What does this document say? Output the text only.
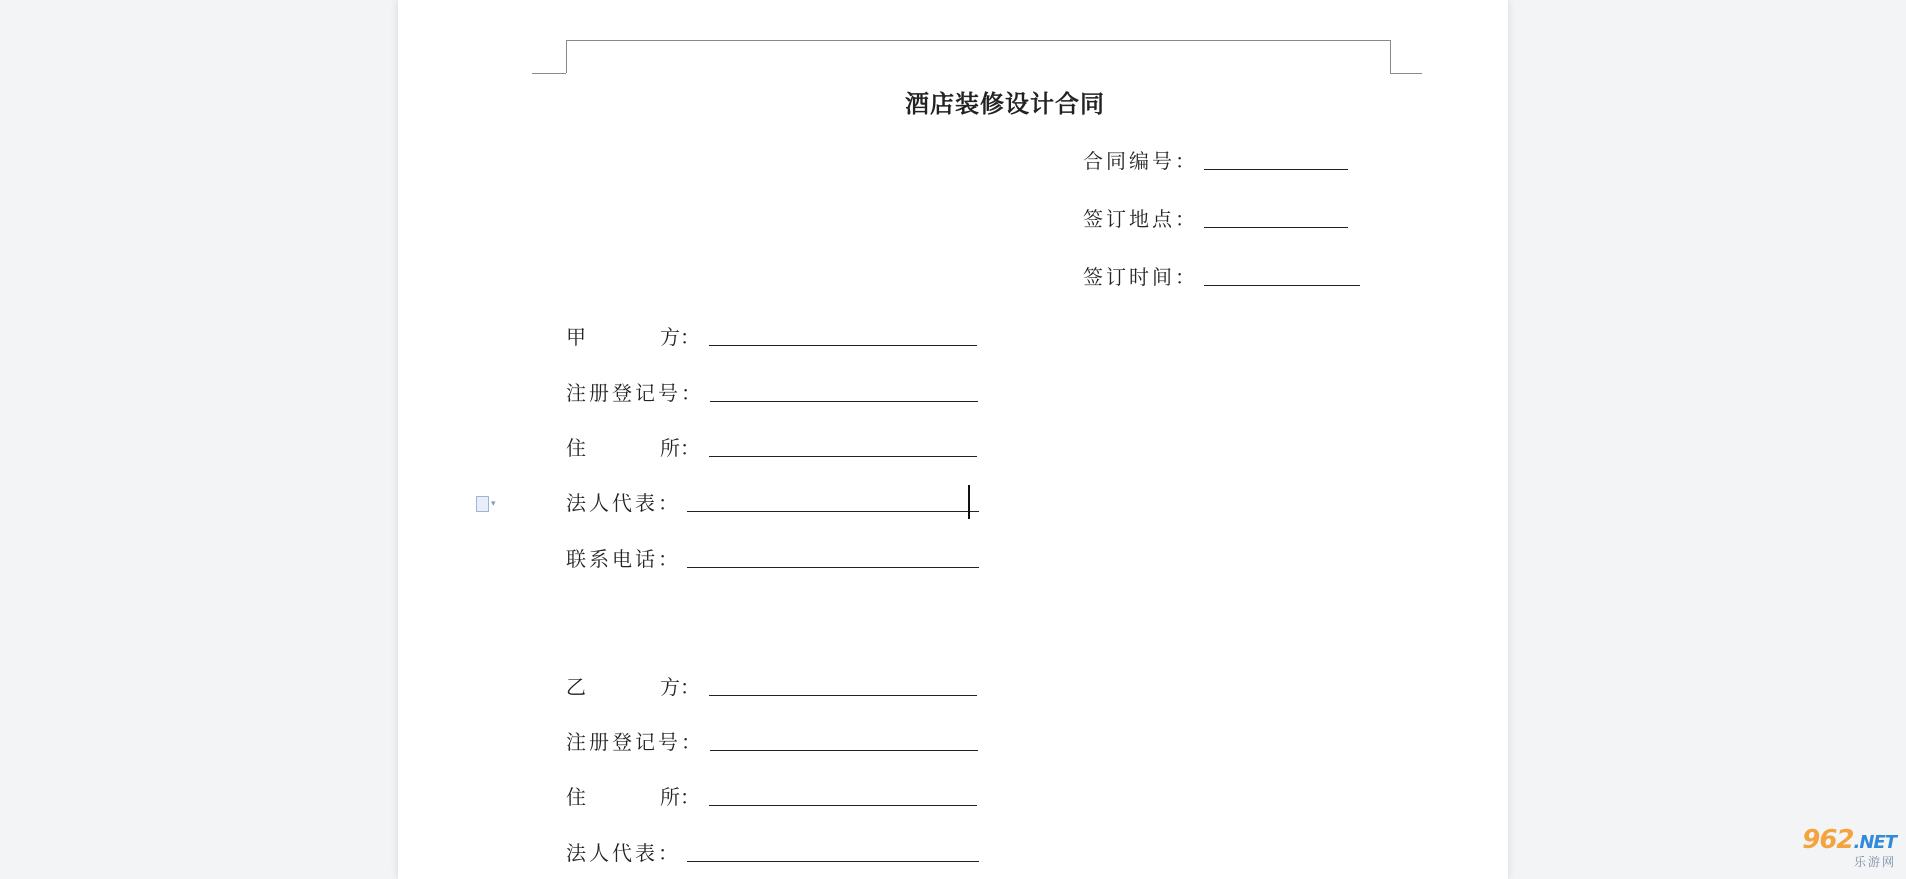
酒店装修设计合同
合同编号 ：
签订地点 ：
签订时间 ：
甲	方 ：
注册登记号 ：
住	所 ：
法人代表 ：
联系电话 ：
乙	方 ：
注册登记号 ：
住	所 ：
法人代表 ：
▾
962.NET
乐游网
